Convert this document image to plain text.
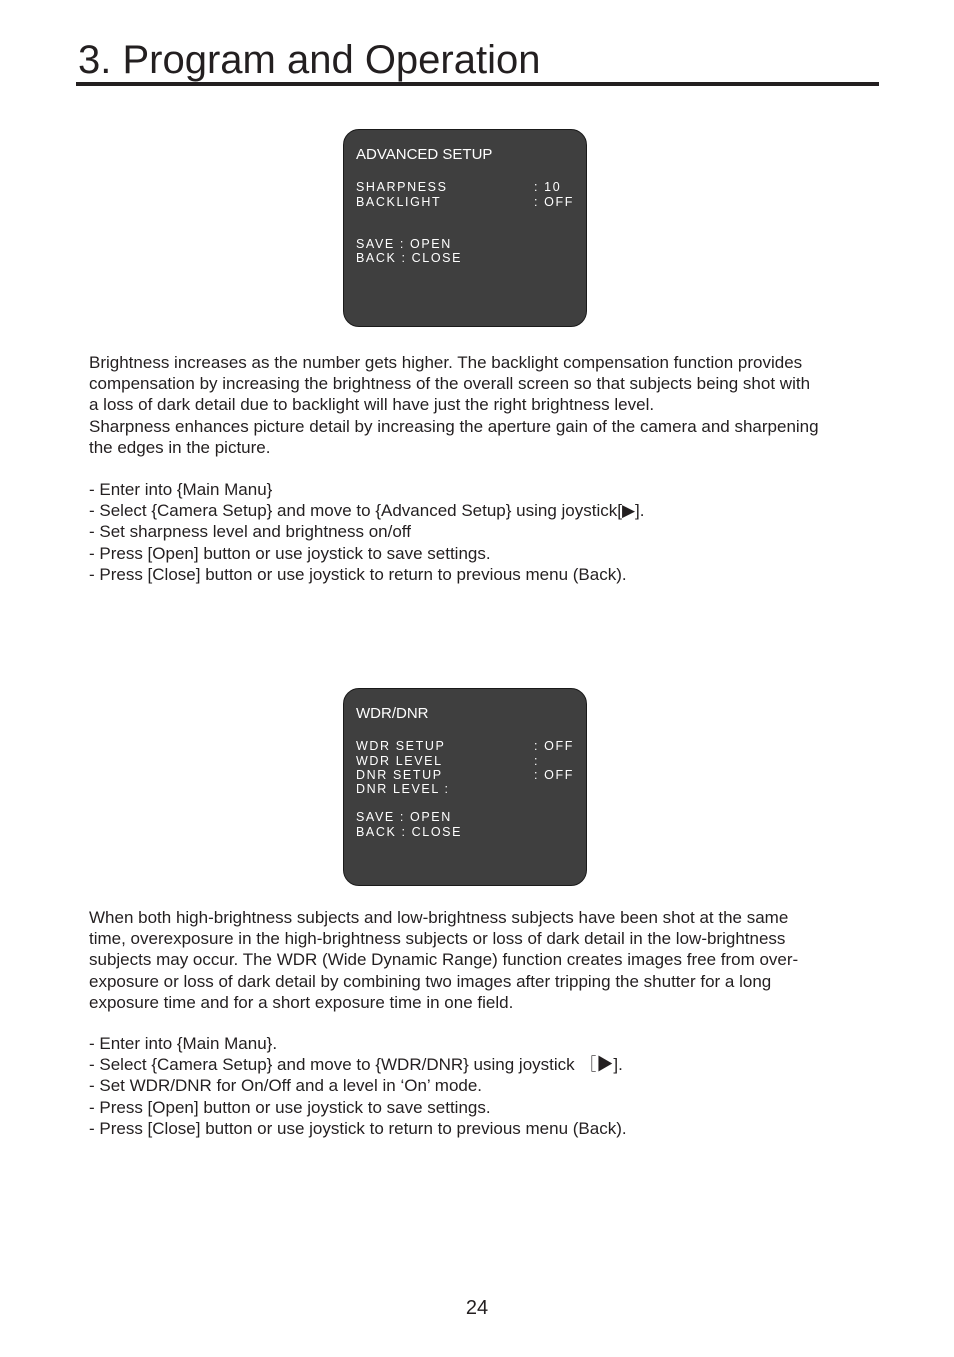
3. Program and Operation
ADVANCED SETUP
SHARPNESS	: 10
BACKLIGHT	: OFF
SAVE : OPEN
BACK : CLOSE
Brightness increases as the number gets higher. The backlight compensation function provides
compensation by increasing the brightness of the overall screen so that subjects being shot with
a loss of dark detail due to backlight will have just the right brightness level.
Sharpness enhances picture detail by increasing the aperture gain of the camera and sharpening
the edges in the picture.
- Enter into {Main Manu}
- Select {Camera Setup} and move to {Advanced Setup} using joystick[▶].
- Set sharpness level and brightness on/off
- Press [Open] button or use joystick to save settings.
- Press [Close] button or use joystick to return to previous menu (Back).
WDR/DNR
WDR SETUP	: OFF
WDR LEVEL	:
DNR SETUP	: OFF
DNR LEVEL :
SAVE : OPEN
BACK : CLOSE
When both high-brightness subjects and low-brightness subjects have been shot at the same
time, overexposure in the high-brightness subjects or loss of dark detail in the low-brightness
subjects may occur. The WDR (Wide Dynamic Range) function creates images free from over-
exposure or loss of dark detail by combining two images after tripping the shutter for a long
exposure time and for a short exposure time in one field.
- Enter into {Main Manu}.
- Select {Camera Setup} and move to {WDR/DNR} using joystick ［▶].
- Set WDR/DNR for On/Off and a level in ‘On’ mode.
- Press [Open] button or use joystick to save settings.
- Press [Close] button or use joystick to return to previous menu (Back).
24
